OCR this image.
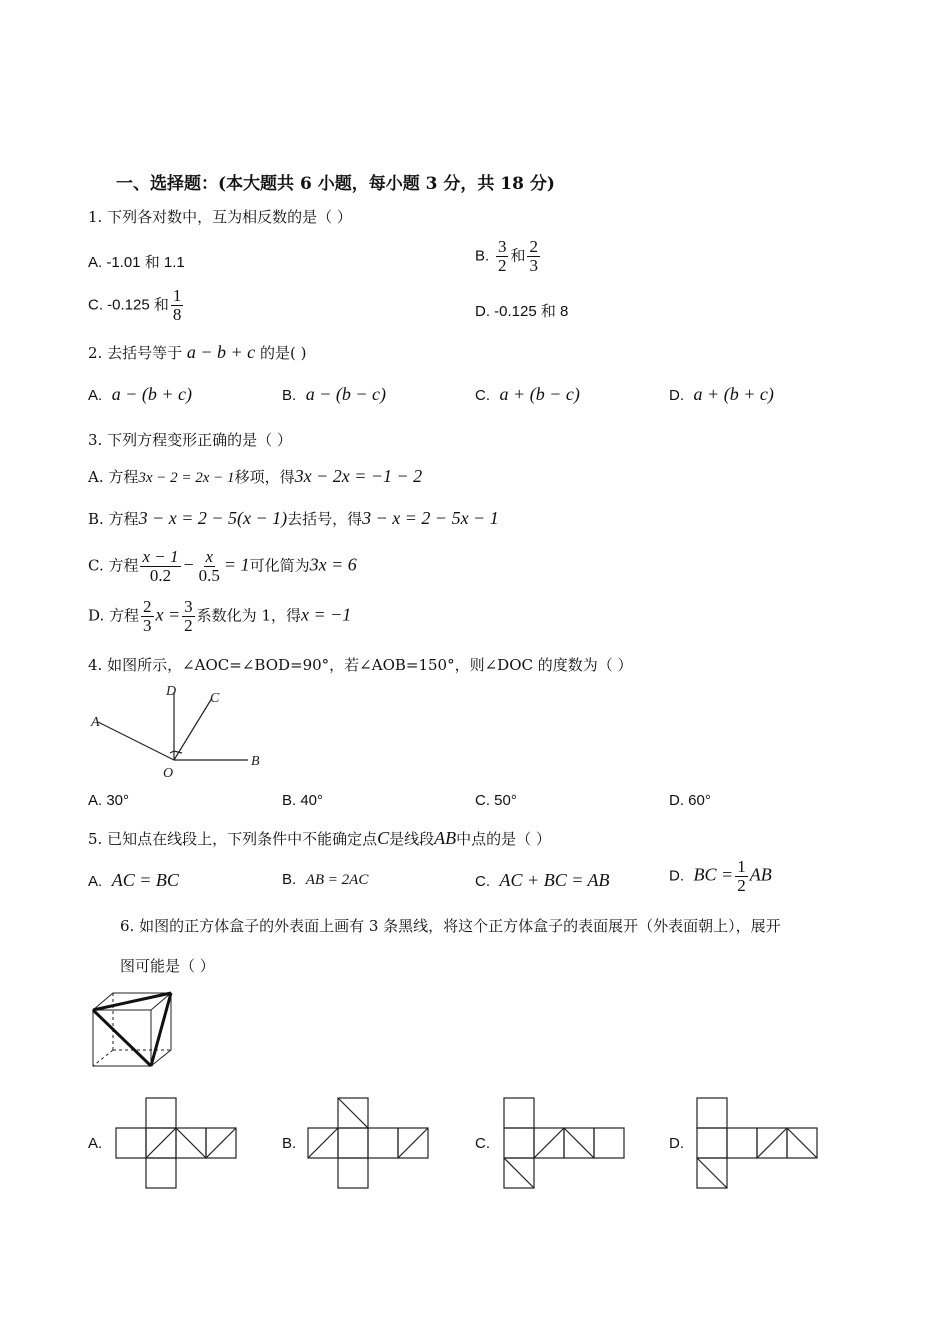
一、选择题：(本大题共 6 小题，每小题 3 分，共 18 分)
1. 下列各对数中，互为相反数的是（ ）
A. -1.01 和 1.1	B. $\frac{3}{2}$ 和 $\frac{2}{3}$
C. -0.125 和 $\frac{1}{8}$	D. -0.125 和 8
2. 去括号等于 a − b + c 的是( )
A. a − (b + c)	B. a − (b − c)	C. a + (b − c)	D. a + (b + c)
3. 下列方程变形正确的是（ ）
A. 方程3x − 2 = 2x − 1移项，得3x − 2x = −1 − 2
B. 方程3 − x = 2 − 5(x − 1)去括号，得3 − x = 2 − 5x − 1
C. 方程 $\frac{x - 1}{0.2} - \frac{x}{0.5} = 1$可化简为3x = 6
D. 方程 $\frac{2}{3}$ $x = \frac{3}{2}$ 系数化为 1，得x = −1
4. 如图所示，∠AOC=∠BOD=90°，若∠AOB=150°，则∠DOC 的度数为（ ）
A
D C
B
O
A. 30°	B. 40°	C. 50°	D. 60°
5. 已知点在线段上，下列条件中不能确定点C是线段AB中点的是（ ）
A. AC = BC	B. AB = 2AC	C. AC + BC = AB	D. BC = $\frac{1}{2}$ AB
6. 如图的正方体盒子的外表面上画有 3 条黑线，将这个正方体盒子的表面展开（外表面朝上），展开
图可能是（ ）
A.	B.	C.	D.
